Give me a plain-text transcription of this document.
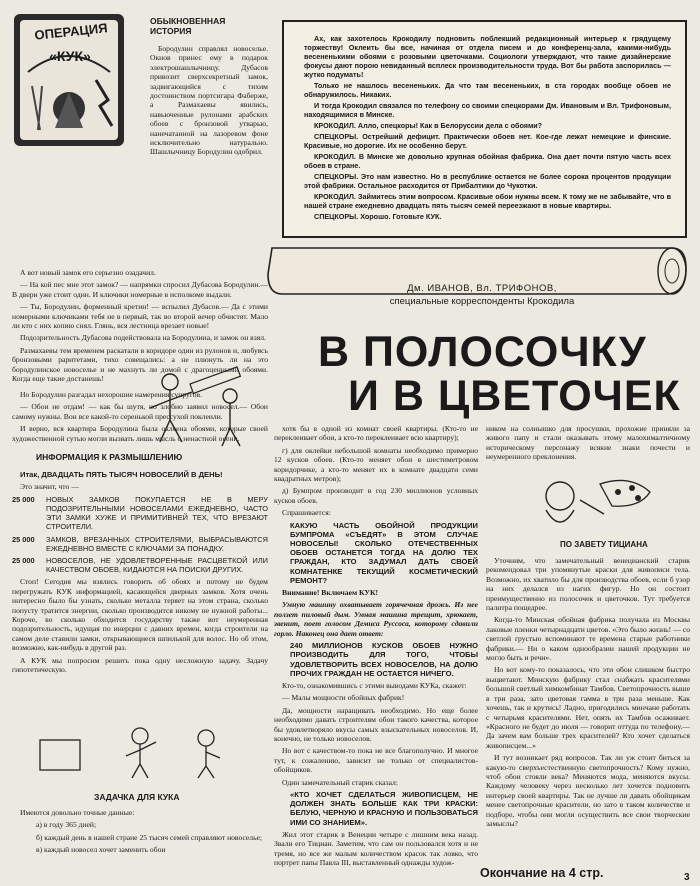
ОПЕРАЦИЯ
«КУК»
ОБЫКНОВЕННАЯ ИСТОРИЯ

Бородулин справлял новоселье. Окнов принес ему в подарок электрошашлычницу. Дубасов привозит сверхсекретный замок, задвигающийся с тихим достоинством портсигара Фаберже, а Размахаевы явились, навьюченные рулонами арабских обоев с бронзовой утварью, нанечатанной на лазоревом фоне исключительно натурально. Шашлычницу Бородулин одобрил.

А вот новый замок его серьезно озадачил.

— На кой пес мне этот замок? — напрямки спросил Дубасова Бородулин.— В двери уже стоит один. И ключики номерные в исполкоме выдали.

— Ты, Бородулин, форменный кретин! — вспылил Дубасов.— Да с этими номерными ключиками тебя не в первый, так во второй вечер обчистят. Мало ли кто с них копию снял. Глянь, вся лестница врезает новые!

Подозрительность Дубасова подействовала на Бородулина, и замок он взял.

Размахаевы тем временем раскатали в коридоре один из рулонов и, любуясь бронзовыми раритетами, тихо совещались: а не плюнуть ли на это бородулинское новоселье и не махнуть ли домой с драгоценными обоями. Когда еще такие достанешь!

Но Бородулин разгадал нехорошие намерения супругов.

— Обои не отдам! — как бы шутя, но злобно заявил новосел.— Обои самому нужны. Вон все какой-то серенькой прессухой поклеили.

И верно, вся квартира Бородулина была оклеена обоями, которые своей художественной сутью могли вызвать лишь мысль о ненастной осени.

ИНФОРМАЦИЯ К РАЗМЫШЛЕНИЮ

Итак, ДВАДЦАТЬ ПЯТЬ ТЫСЯЧ НОВОСЕЛИЙ В ДЕНЬ!

Это значит, что —

25 000	НОВЫХ ЗАМКОВ ПОКУПАЕТСЯ НЕ В МЕРУ ПОДОЗРИТЕЛЬНЫМИ НОВОСЕЛАМИ ЕЖЕДНЕВНО, ЧАСТО ЭТИ ЗАМКИ ХУЖЕ И ПРИМИТИВНЕЙ ТЕХ, ЧТО ВРЕЗАЮТ СТРОИТЕЛИ.
25 000	ЗАМКОВ, ВРЕЗАННЫХ СТРОИТЕЛЯМИ, ВЫБРАСЫВАЮТСЯ ЕЖЕДНЕВНО ВМЕСТЕ С КЛЮЧАМИ ЗА ПОНАДКУ.
25 000	НОВОСЕЛОВ, НЕ УДОВЛЕТВОРЕННЫЕ РАСЦВЕТКОЙ ИЛИ КАЧЕСТВОМ ОБОЕВ, КИДАЮТСЯ НА ПОИСКИ ДРУГИХ.

Стоп! Сегодня мы взялись говорить об обоях и потому не будем перегружать КУК информацией, касающейся дверных замков. Хотя очень интересно было бы узнать, сколько металла теряет на этом страна, сколько попусту тратится энергии, сколько производится никому не нужной работы... Короче, во сколько обходится государству также вот неумеренная подозрительность, идущая по инерции с давних времен, когда строители на самом деле ставили замки, открывающиеся шпилькой для волос. Но об этом, возможно, как-нибудь в другой раз.

А КУК мы попросим решить пока одну несложную задачу. Задачу гипотетическую.

ЗАДАЧКА ДЛЯ КУКА

Имеются довольно точные данные:

а) в году 365 дней;

б) каждый день в нашей стране 25 тысяч семей справляют новоселье;

в) каждый новосел хочет заменить обои

Ах, как захотелось Крокодилу подновить поблекший редакционный интерьер к грядущему торжеству! Оклеить бы все, начиная от отдела писем и до конференц-зала, какими-нибудь весененькими обоями с розовыми цветочками. Социологи утверждают, что такие дизайнерские фокусы дают порою невиданный всплеск производительности труда. Вот бы работа заспорилась — жутко подумать!

Только не нашлось весененьких. Да что там весененьких, в ста городах вообще обоев не обнаружилось. Никаких.

И тогда Крокодил связался по телефону со своими спецкорами Дм. Ивановым и Вл. Трифоновым, находящимися в Минске.

КРОКОДИЛ. Алло, спецкоры! Как в Белоруссии дела с обоями?

СПЕЦКОРЫ. Острейший дефицит. Практически обоев нет. Кое-где лежат немецкие и финские. Красивые, но дорогие. Их не особенно берут.

КРОКОДИЛ. В Минске же довольно крупная обойная фабрика. Она дает почти пятую часть всех обоев в стране.

СПЕЦКОРЫ. Это нам известно. Но в республике остается не более сорока процентов продукции этой фабрики. Остальное расходится от Прибалтики до Чукотки.

КРОКОДИЛ. Займитесь этим вопросом. Красивые обои нужны всем. К тому же не забывайте, что в нашей стране ежедневно двадцать пять тысяч семей переезжают в новые квартиры.

СПЕЦКОРЫ. Хорошо. Готовьте КУК.

Дм. ИВАНОВ, Вл. ТРИФОНОВ,
специальные корреспонденты Крокодила
В ПОЛОСОЧКУ
И В ЦВЕТОЧЕК

хотя бы в одной из комнат своей квартиры. (Кто-то не переклеивает обои, а кто-то переклеивает всю квартиру);

г) для оклейки небольшой комнаты необходимо примерно 12 кусков обоев. (Кто-то меняет обои в шестиметровом коридорчике, а кто-то меняет их в комнате двадцати семи квадратных метров);

д) Бумпром производит в год 230 миллионов условных кусков обоев.

Спрашивается:

КАКУЮ ЧАСТЬ ОБОЙНОЙ ПРОДУКЦИИ БУМПРОМА «СЪЕДЯТ» В ЭТОМ СЛУЧАЕ НОВОСЕЛЫ! СКОЛЬКО ОТЕЧЕСТВЕННЫХ ОБОЕВ ОСТАНЕТСЯ ТОГДА НА ДОЛЮ ТЕХ ГРАЖДАН, КТО ЗАДУМАЛ ДАТЬ СВОЕЙ КОМНАТЕНКЕ ТЕКУЩИЙ КОСМЕТИЧЕСКИЙ РЕМОНТ?

Внимание! Включаем КУК!

Умную машину охватывает горячечная дрожь. Из нее ползет пиловый дым. Умная машина трещит, хрюкает, звенит, поет голосом Демиса Руссоса, которому сдавили горло. Наконец она дает ответ:

240 МИЛЛИОНОВ КУСКОВ ОБОЕВ НУЖНО ПРОИЗВОДИТЬ ДЛЯ ТОГО, ЧТОБЫ УДОВЛЕТВОРИТЬ ВСЕХ НОВОСЕЛОВ, НА ДОЛЮ ПРОЧИХ ГРАЖДАН НЕ ОСТАЕТСЯ НИЧЕГО.

Кто-то, ознакомившись с этими выводами КУКа, скажет:

— Малы мощности обойных фабрик!

Да, мощности наращивать необходимо. Но еще более необходимо давать строителям обои такого качества, которое бы удовлетворяло вкусы самых взыскательных новоселов. И, конечно, не только новоселов.

Но вот с качеством-то пока не все благополучно. И многое тут, к сожалению, зависит не только от специалистов-обойщиков.

Один замечательный старик сказал:

«КТО ХОЧЕТ СДЕЛАТЬСЯ ЖИВОПИСЦЕМ, НЕ ДОЛЖЕН ЗНАТЬ БОЛЬШЕ КАК ТРИ КРАСКИ: БЕЛУЮ, ЧЕРНУЮ И КРАСНУЮ И ПОЛЬЗОВАТЬСЯ ИМИ СО ЗНАНИЕМ».

Жил этот старик в Венеции четыре с лишним века назад. Звали его Тициан. Заметим, что сам он пользовался хотя и не тремя, но все же малым количеством красок так ловко, что портрет папы Павла III, выставленный однажды худож-

ником на солнышко для просушки, прохожие приняли за живого папу и стали оказывать этому малохималтичному историческому персонажу всякие знаки почести и неумеренного преклонения.

ПО ЗАВЕТУ ТИЦИАНА

Уточним, что замечательный венецианский старик рекомендовал три упомянутые краски для живописи тела. Возможно, их хватило бы для производства обоев, если б узор на них делался из нагих фигур. Но он состоит преимущественно из полосочек и цветочков. Тут требуется палитра пощедрее.

Когда-то Минская обойная фабрика получала из Москвы лаковые пленки четырнадцати цветов. «Это было жизнь! — со светлой грустью вспоминают те времена старые работники фабрики.— Ни о каком однообразии нашей продукции не могло быть и речи».

Но вот кому-то показалось, что эти обои слишком быстро выцветают. Минскую фабрику стал снабжать красителями большой светлый химкомбинат Тамбов. Светопрочность выше в три раза, зато цветовая гамма в три раза меньше. Как хочешь, так и крутись! Ладно, пригодились минчане работать с четырьмя красителями. Нет, опять их Тамбов осаживает. «Красного не будет до июля — говорит оттуда по телефону.— Да зачем вам больше трех красителей? Кто хочет сделаться живописцем...»

И тут возникает ряд вопросов. Так ли уж стоит биться за какую-то сверхъестественную светопрочность? Кому нужно, чтоб обои стояли века? Меняются мода, меняются вкусы. Каждому человеку через несколько лет хочется подновить интерьер своей квартиры. Так не лучше ли давать обойщикам менее светопрочные красители, но зато в таком количестве и подборе, чтобы они могли осуществить все свои творческие замыслы?

Окончание на 4 стр.	3
